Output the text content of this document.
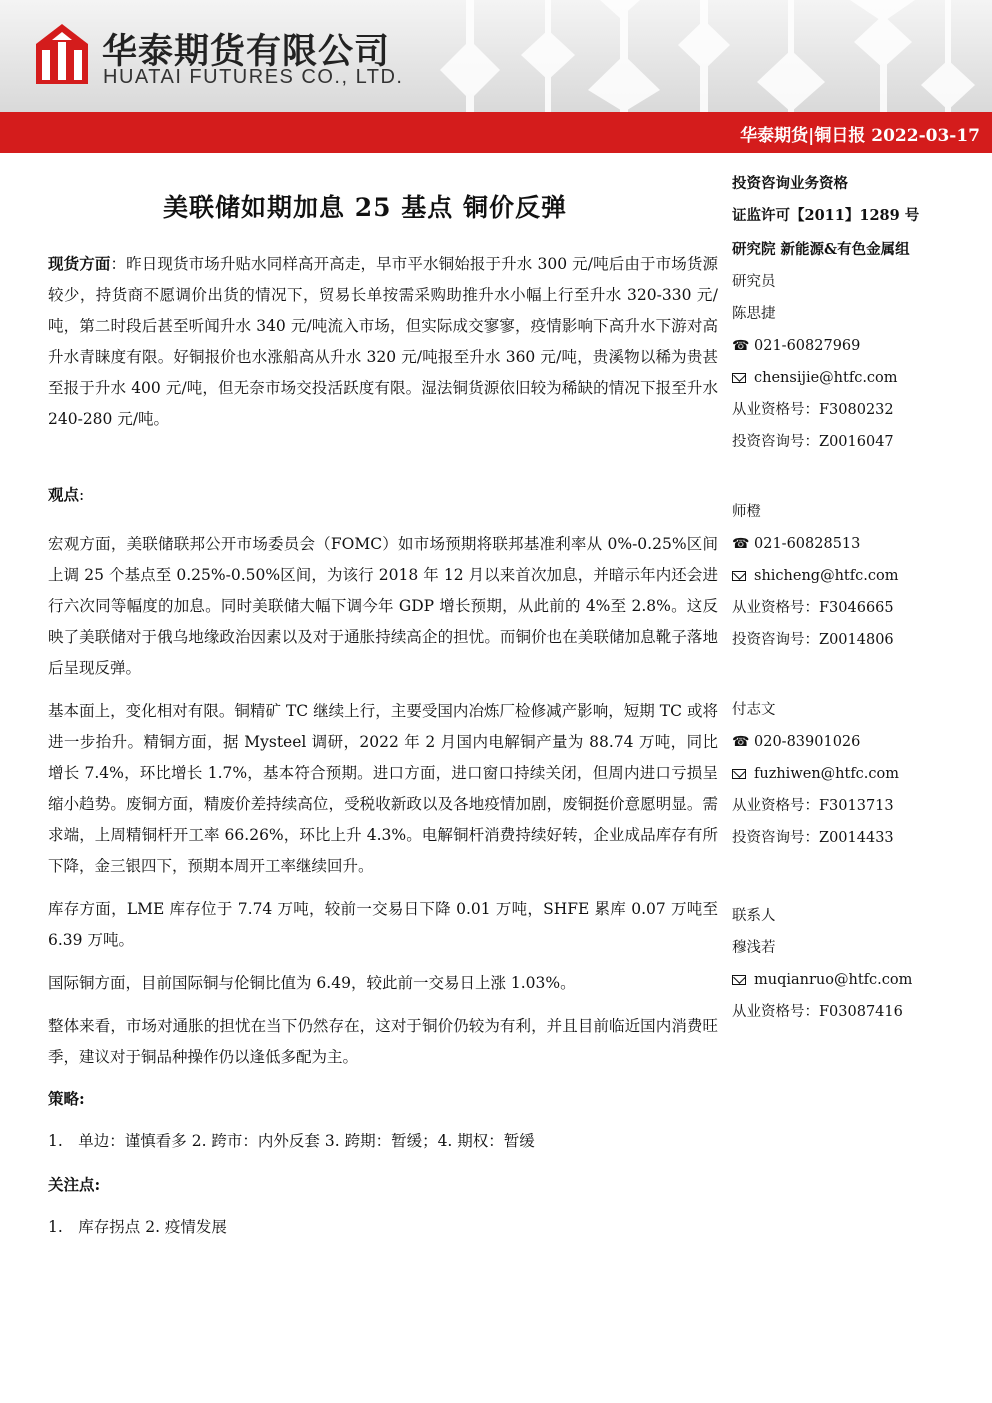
华泰期货有限公司
HUATAI FUTURES CO., LTD.
华泰期货|铜日报 2022-03-17
美联储如期加息 25 基点 铜价反弹

现货方面：昨日现货市场升贴水同样高开高走，早市平水铜始报于升水 300 元/吨后由于市场货源较少，持货商不愿调价出货的情况下，贸易长单按需采购助推升水小幅上行至升水 320-330 元/吨，第二时段后甚至听闻升水 340 元/吨流入市场，但实际成交寥寥，疫情影响下高升水下游对高升水青睐度有限。好铜报价也水涨船高从升水 320 元/吨报至升水 360 元/吨，贵溪物以稀为贵甚至报于升水 400 元/吨，但无奈市场交投活跃度有限。湿法铜货源依旧较为稀缺的情况下报至升水 240-280 元/吨。

观点:

宏观方面，美联储联邦公开市场委员会（FOMC）如市场预期将联邦基准利率从 0%-0.25%区间上调 25 个基点至 0.25%-0.50%区间，为该行 2018 年 12 月以来首次加息，并暗示年内还会进行六次同等幅度的加息。同时美联储大幅下调今年 GDP 增长预期，从此前的 4%至 2.8%。这反映了美联储对于俄乌地缘政治因素以及对于通胀持续高企的担忧。而铜价也在美联储加息靴子落地后呈现反弹。

基本面上，变化相对有限。铜精矿 TC 继续上行，主要受国内冶炼厂检修减产影响，短期 TC 或将进一步抬升。精铜方面，据 Mysteel 调研，2022 年 2 月国内电解铜产量为 88.74 万吨，同比增长 7.4%，环比增长 1.7%，基本符合预期。进口方面，进口窗口持续关闭，但周内进口亏损呈缩小趋势。废铜方面，精废价差持续高位，受税收新政以及各地疫情加剧，废铜挺价意愿明显。需求端，上周精铜杆开工率 66.26%，环比上升 4.3%。电解铜杆消费持续好转，企业成品库存有所下降，金三银四下，预期本周开工率继续回升。

库存方面，LME 库存位于 7.74 万吨，较前一交易日下降 0.01 万吨，SHFE 累库 0.07 万吨至 6.39 万吨。

国际铜方面，目前国际铜与伦铜比值为 6.49，较此前一交易日上涨 1.03%。

整体来看，市场对通胀的担忧在当下仍然存在，这对于铜价仍较为有利，并且目前临近国内消费旺季，建议对于铜品种操作仍以逢低多配为主。

策略:

1.　单边：谨慎看多 2. 跨市：内外反套 3. 跨期：暂缓；4. 期权：暂缓

关注点:

1.　库存拐点 2. 疫情发展

投资咨询业务资格
证监许可【2011】1289 号
研究院 新能源&有色金属组
研究员
陈思捷
☎ 021-60827969
chensijie@htfc.com
从业资格号：F3080232
投资咨询号：Z0016047
师橙
☎ 021-60828513
shicheng@htfc.com
从业资格号：F3046665
投资咨询号：Z0014806
付志文
☎ 020-83901026
fuzhiwen@htfc.com
从业资格号：F3013713
投资咨询号：Z0014433
联系人
穆浅若
muqianruo@htfc.com
从业资格号：F03087416
